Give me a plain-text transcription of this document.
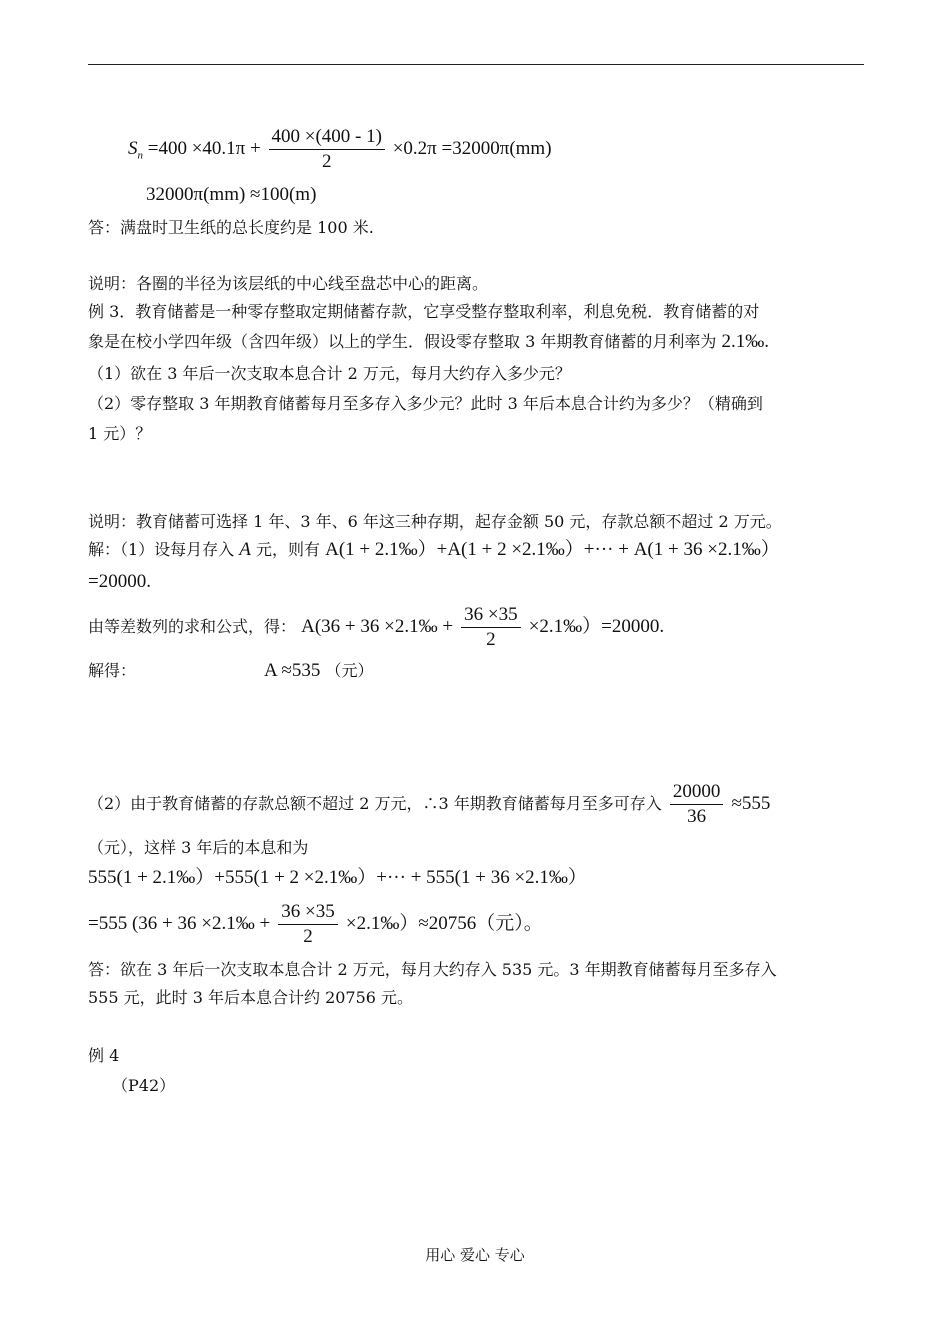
$S_n =400 \times 40.1\pi + \frac{400 \times(400 - 1)}{2} \times 0.2\pi =32000\pi(mm)$
32000π(mm) ≈100(m)
答：满盘时卫生纸的总长度约是 100 米.
说明：各圈的半径为该层纸的中心线至盘芯中心的距离。
例 3．教育储蓄是一种零存整取定期储蓄存款，它享受整存整取利率，利息免税．教育储蓄的对
象是在校小学四年级（含四年级）以上的学生．假设零存整取 3 年期教育储蓄的月利率为 2.1‰.
（1）欲在 3 年后一次支取本息合计 2 万元，每月大约存入多少元？
（2）零存整取 3 年期教育储蓄每月至多存入多少元？此时 3 年后本息合计约为多少？（精确到
1 元）？
说明：教育储蓄可选择 1 年、3 年、6 年这三种存期，起存金额 50 元，存款总额不超过 2 万元。
解：（1）设每月存入 A 元，则有 A(1 + 2.1‰）+A(1 + 2 ×2.1‰）+··· + A(1 + 36 ×2.1‰）
=20000.
由等差数列的求和公式，得： A(36 + 36 ×2.1‰ + $\frac{36 \times 35}{2}$ ×2.1‰）=20000.
解得：	A ≈535 （元）
（2）由于教育储蓄的存款总额不超过 2 万元，∴3 年期教育储蓄每月至多可存入 $\frac{20000}{36} \approx 555$
（元），这样 3 年后的本息和为
555(1 + 2.1‰）+555(1 + 2 ×2.1‰）+··· + 555(1 + 36 ×2.1‰）
=555 (36 + 36 ×2.1‰ + $\frac{36 \times 35}{2}$ ×2.1‰）≈20756（元）。
答：欲在 3 年后一次支取本息合计 2 万元，每月大约存入 535 元。3 年期教育储蓄每月至多存入
555 元，此时 3 年后本息合计约 20756 元。
例 4
（P42）
用心 爱心 专心
